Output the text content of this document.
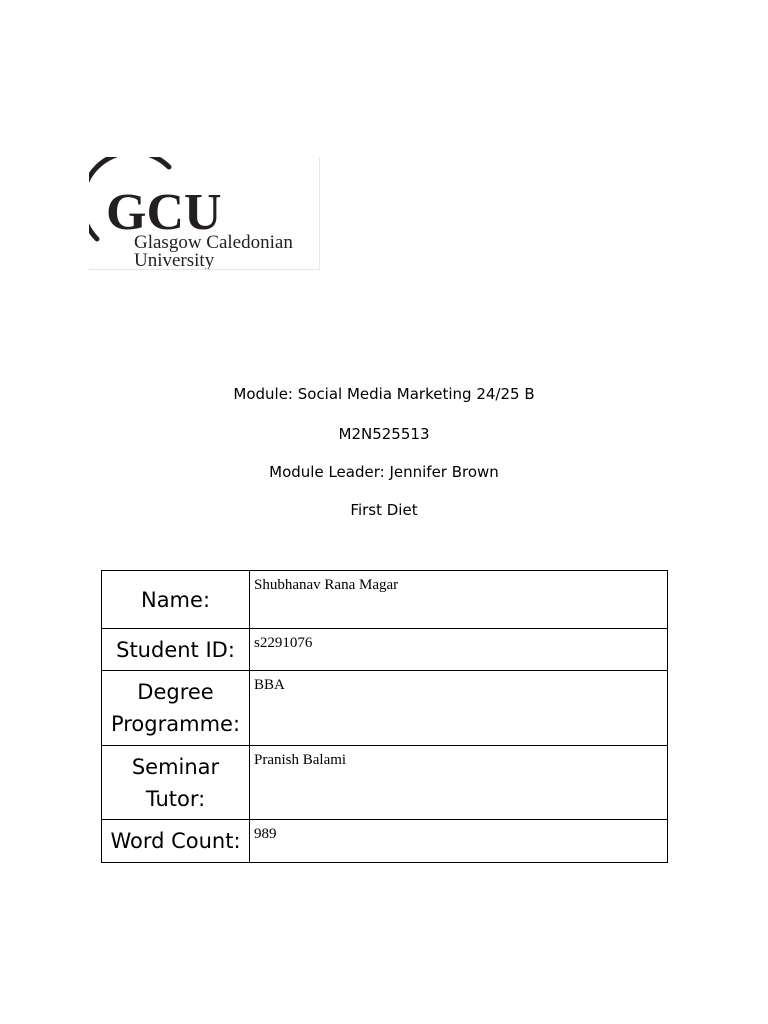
GCU
Glasgow Caledonian
University
Module: Social Media Marketing 24/25 B
M2N525513
Module Leader: Jennifer Brown
First Diet
Name:	Shubhanav Rana Magar
Student ID:	s2291076
Degree Programme:	BBA
Seminar Tutor:	Pranish Balami
Word Count:	989
